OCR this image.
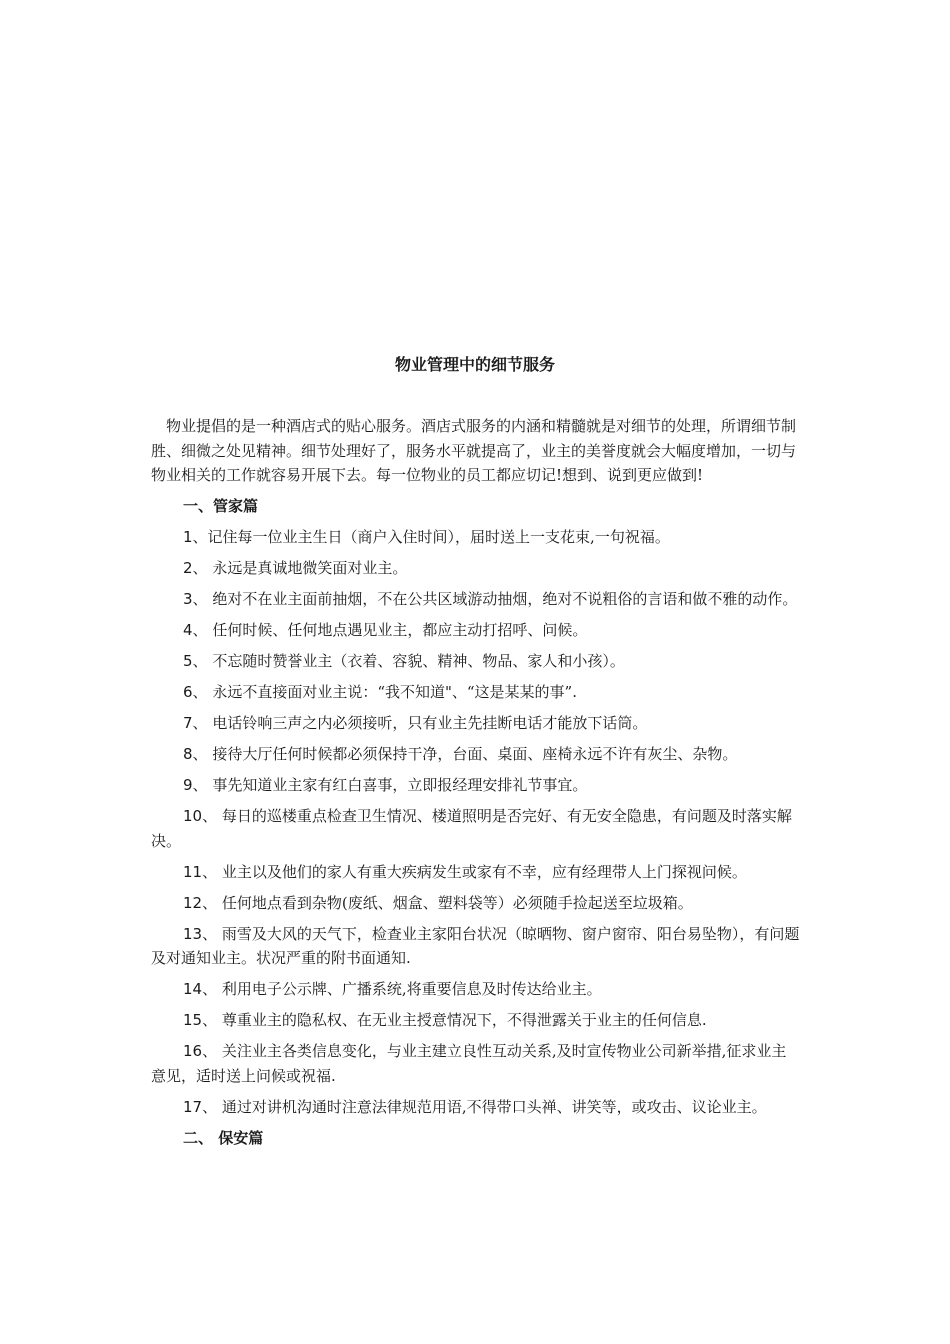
物业管理中的细节服务

物业提倡的是一种酒店式的贴心服务。酒店式服务的内涵和精髓就是对细节的处理，所谓细节制胜、细微之处见精神。细节处理好了，服务水平就提高了，业主的美誉度就会大幅度增加，一切与物业相关的工作就容易开展下去。每一位物业的员工都应切记!想到、说到更应做到!

一、管家篇

1、记住每一位业主生日（商户入住时间），届时送上一支花束,一句祝福。

2、 永远是真诚地微笑面对业主。

3、 绝对不在业主面前抽烟，不在公共区域游动抽烟，绝对不说粗俗的言语和做不雅的动作。

4、 任何时候、任何地点遇见业主，都应主动打招呼、问候。

5、 不忘随时赞誉业主（衣着、容貌、精神、物品、家人和小孩）。

6、 永远不直接面对业主说：“我不知道"、“这是某某的事”.

7、 电话铃响三声之内必须接听，只有业主先挂断电话才能放下话筒。

8、 接待大厅任何时候都必须保持干净，台面、桌面、座椅永远不许有灰尘、杂物。

9、 事先知道业主家有红白喜事，立即报经理安排礼节事宜。

10、 每日的巡楼重点检查卫生情况、楼道照明是否完好、有无安全隐患，有问题及时落实解决。

11、 业主以及他们的家人有重大疾病发生或家有不幸，应有经理带人上门探视问候。

12、 任何地点看到杂物(废纸、烟盒、塑料袋等）必须随手捡起送至垃圾箱。

13、 雨雪及大风的天气下，检查业主家阳台状况（晾晒物、窗户窗帘、阳台易坠物），有问题及对通知业主。状况严重的附书面通知.

14、 利用电子公示牌、广播系统,将重要信息及时传达给业主。

15、 尊重业主的隐私权、在无业主授意情况下，不得泄露关于业主的任何信息.

16、 关注业主各类信息变化，与业主建立良性互动关系,及时宣传物业公司新举措,征求业主意见，适时送上问候或祝福.

17、 通过对讲机沟通时注意法律规范用语,不得带口头禅、讲笑等，或攻击、议论业主。

二、 保安篇
